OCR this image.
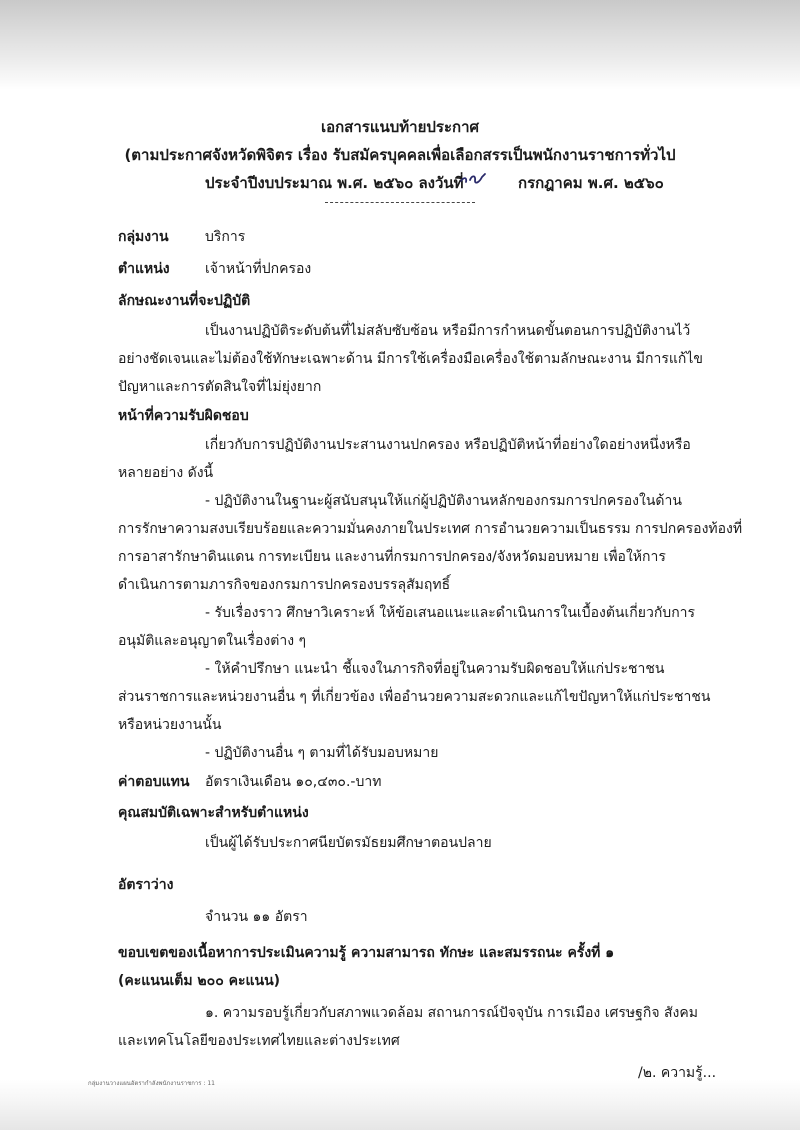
เอกสารแนบท้ายประกาศ
(ตามประกาศจังหวัดพิจิตร เรื่อง รับสมัครบุคคลเพื่อเลือกสรรเป็นพนักงานราชการทั่วไป
ประจำปีงบประมาณ พ.ศ. ๒๕๖๐ ลงวันที่	กรกฎาคม พ.ศ. ๒๕๖๐
กลุ่มงาน	บริการ
ตำแหน่ง	เจ้าหน้าที่ปกครอง
ลักษณะงานที่จะปฏิบัติ
เป็นงานปฏิบัติระดับต้นที่ไม่สลับซับซ้อน หรือมีการกำหนดขั้นตอนการปฏิบัติงานไว้
อย่างชัดเจนและไม่ต้องใช้ทักษะเฉพาะด้าน มีการใช้เครื่องมือเครื่องใช้ตามลักษณะงาน มีการแก้ไข
ปัญหาและการตัดสินใจที่ไม่ยุ่งยาก
หน้าที่ความรับผิดชอบ
เกี่ยวกับการปฏิบัติงานประสานงานปกครอง หรือปฏิบัติหน้าที่อย่างใดอย่างหนึ่งหรือ
หลายอย่าง ดังนี้
- ปฏิบัติงานในฐานะผู้สนับสนุนให้แก่ผู้ปฏิบัติงานหลักของกรมการปกครองในด้าน
การรักษาความสงบเรียบร้อยและความมั่นคงภายในประเทศ การอำนวยความเป็นธรรม การปกครองท้องที่
การอาสารักษาดินแดน การทะเบียน และงานที่กรมการปกครอง/จังหวัดมอบหมาย เพื่อให้การ
ดำเนินการตามภารกิจของกรมการปกครองบรรลุสัมฤทธิ์
- รับเรื่องราว ศึกษาวิเคราะห์ ให้ข้อเสนอแนะและดำเนินการในเบื้องต้นเกี่ยวกับการ
อนุมัติและอนุญาตในเรื่องต่าง ๆ
- ให้คำปรึกษา แนะนำ ชี้แจงในภารกิจที่อยู่ในความรับผิดชอบให้แก่ประชาชน
ส่วนราชการและหน่วยงานอื่น ๆ ที่เกี่ยวข้อง เพื่ออำนวยความสะดวกและแก้ไขปัญหาให้แก่ประชาชน
หรือหน่วยงานนั้น
- ปฏิบัติงานอื่น ๆ ตามที่ได้รับมอบหมาย
ค่าตอบแทน อัตราเงินเดือน ๑๐,๔๓๐.-บาท
คุณสมบัติเฉพาะสำหรับตำแหน่ง
เป็นผู้ได้รับประกาศนียบัตรมัธยมศึกษาตอนปลาย
อัตราว่าง
จำนวน ๑๑ อัตรา
ขอบเขตของเนื้อหาการประเมินความรู้ ความสามารถ ทักษะ และสมรรถนะ ครั้งที่ ๑
(คะแนนเต็ม ๒๐๐ คะแนน)
๑. ความรอบรู้เกี่ยวกับสภาพแวดล้อม สถานการณ์ปัจจุบัน การเมือง เศรษฐกิจ สังคม
และเทคโนโลยีของประเทศไทยและต่างประเทศ
/๒. ความรู้...
กลุ่มงานวางแผนอัตรากำลังพนักงานราชการ : 11
